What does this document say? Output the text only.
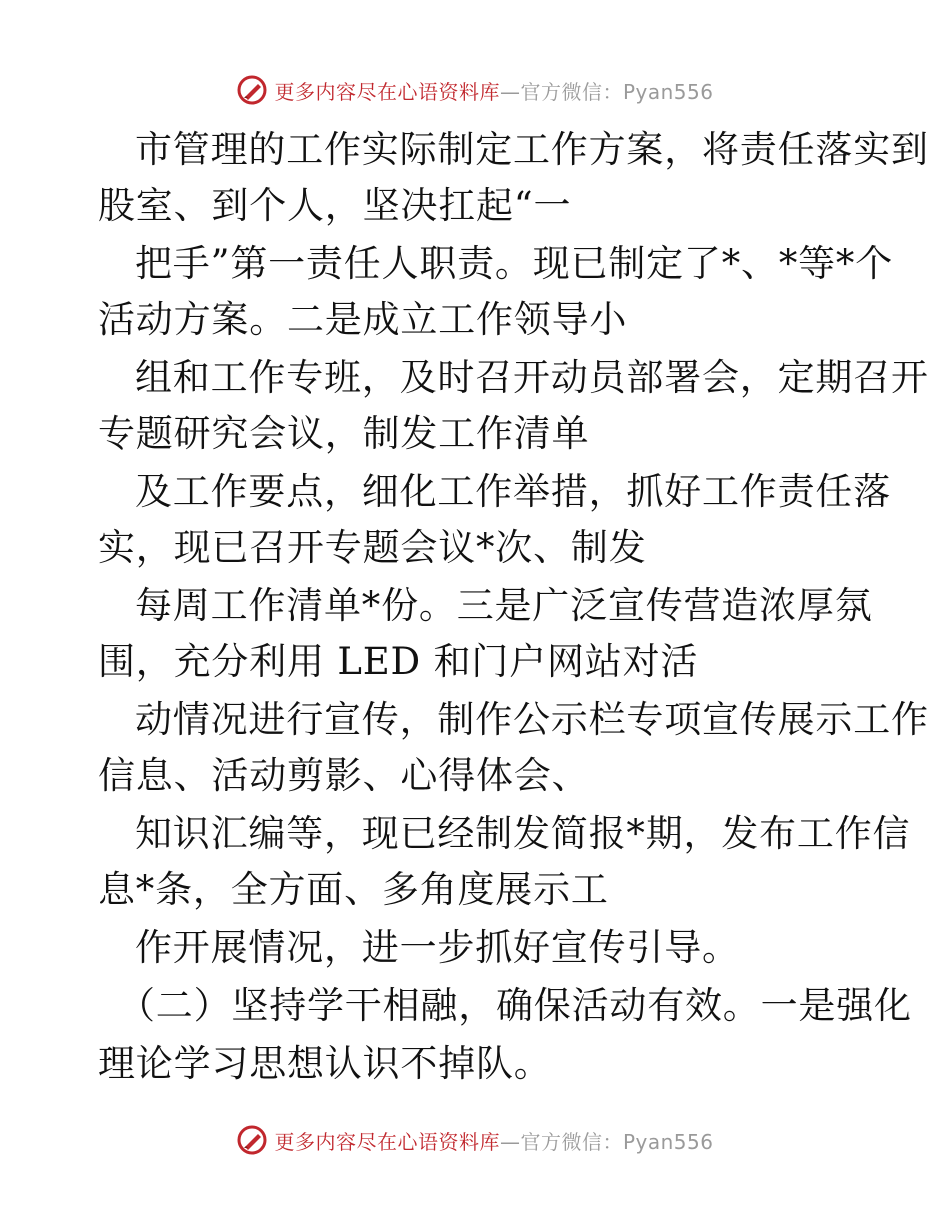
更多内容尽在心语资料库—官方微信：Pyan556
市管理的工作实际制定工作方案，将责任落实到
股室、到个人，坚决扛起“一
把手”第一责任人职责。现已制定了*、*等*个
活动方案。二是成立工作领导小
组和工作专班，及时召开动员部署会，定期召开
专题研究会议，制发工作清单
及工作要点，细化工作举措，抓好工作责任落
实，现已召开专题会议*次、制发
每周工作清单*份。三是广泛宣传营造浓厚氛
围，充分利用 LED 和门户网站对活
动情况进行宣传，制作公示栏专项宣传展示工作
信息、活动剪影、心得体会、
知识汇编等，现已经制发简报*期，发布工作信
息*条，全方面、多角度展示工
作开展情况，进一步抓好宣传引导。
（二）坚持学干相融，确保活动有效。一是强化
理论学习思想认识不掉队。
更多内容尽在心语资料库—官方微信：Pyan556
